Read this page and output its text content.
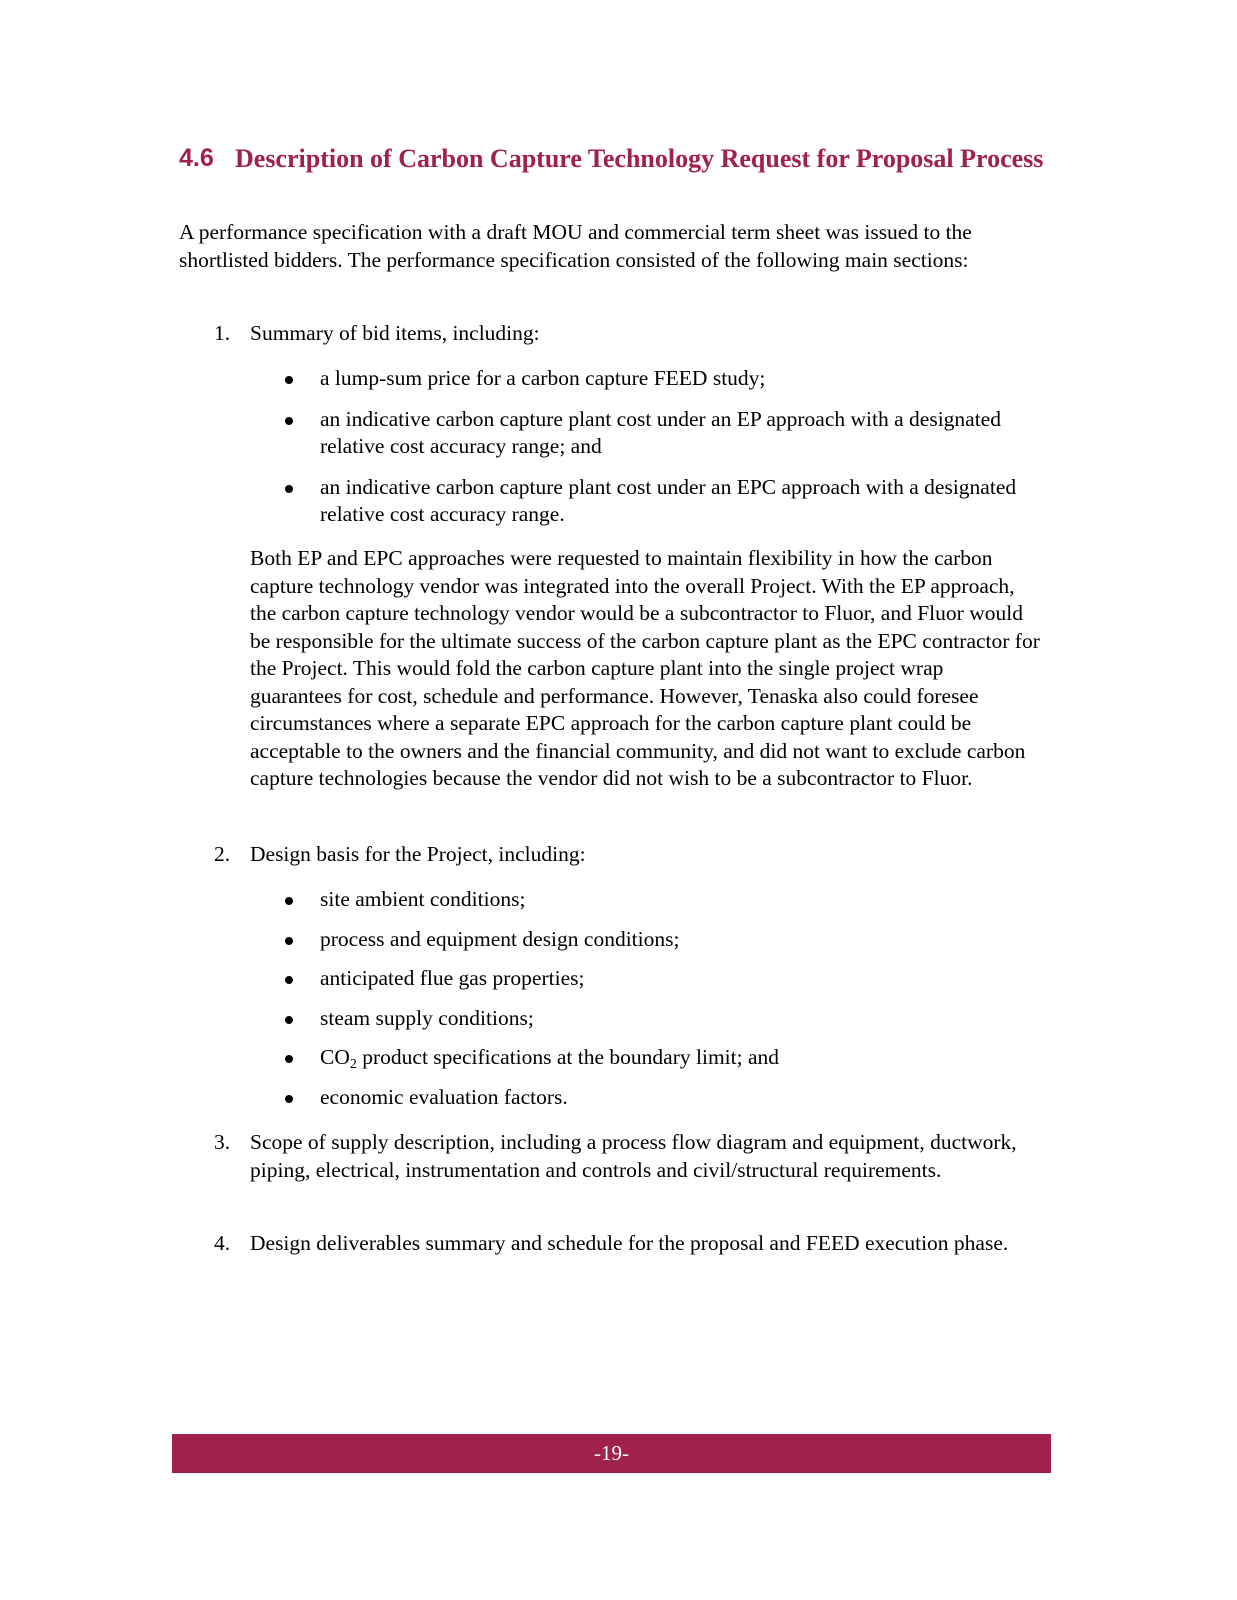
4.6 Description of Carbon Capture Technology Request for Proposal Process
A performance specification with a draft MOU and commercial term sheet was issued to the shortlisted bidders. The performance specification consisted of the following main sections:
1. Summary of bid items, including:
a lump-sum price for a carbon capture FEED study;
an indicative carbon capture plant cost under an EP approach with a designated relative cost accuracy range; and
an indicative carbon capture plant cost under an EPC approach with a designated relative cost accuracy range.
Both EP and EPC approaches were requested to maintain flexibility in how the carbon capture technology vendor was integrated into the overall Project. With the EP approach, the carbon capture technology vendor would be a subcontractor to Fluor, and Fluor would be responsible for the ultimate success of the carbon capture plant as the EPC contractor for the Project. This would fold the carbon capture plant into the single project wrap guarantees for cost, schedule and performance. However, Tenaska also could foresee circumstances where a separate EPC approach for the carbon capture plant could be acceptable to the owners and the financial community, and did not want to exclude carbon capture technologies because the vendor did not wish to be a subcontractor to Fluor.
2. Design basis for the Project, including:
site ambient conditions;
process and equipment design conditions;
anticipated flue gas properties;
steam supply conditions;
$CO_2$ product specifications at the boundary limit; and
economic evaluation factors.
3. Scope of supply description, including a process flow diagram and equipment, ductwork, piping, electrical, instrumentation and controls and civil/structural requirements.
4. Design deliverables summary and schedule for the proposal and FEED execution phase.
-19-
